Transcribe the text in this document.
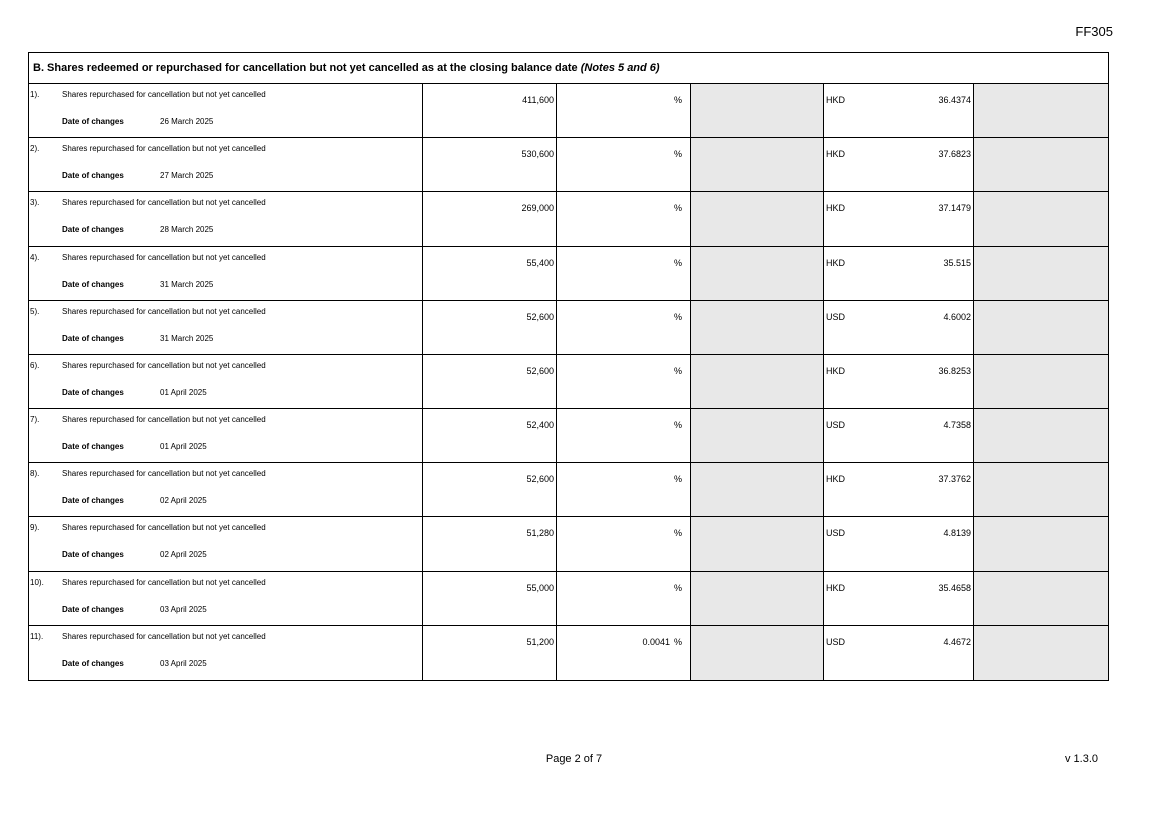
FF305
B. Shares redeemed or repurchased for cancellation but not yet cancelled as at the closing balance date (Notes 5 and 6)
1).	Shares repurchased for cancellation but not yet cancelled
Date of changes	26 March 2025
411,600	%	HKD	36.4374
2).	Shares repurchased for cancellation but not yet cancelled
Date of changes	27 March 2025
530,600	%	HKD	37.6823
3).	Shares repurchased for cancellation but not yet cancelled
Date of changes	28 March 2025
269,000	%	HKD	37.1479
4).	Shares repurchased for cancellation but not yet cancelled
Date of changes	31 March 2025
55,400	%	HKD	35.515
5).	Shares repurchased for cancellation but not yet cancelled
Date of changes	31 March 2025
52,600	%	USD	4.6002
6).	Shares repurchased for cancellation but not yet cancelled
Date of changes	01 April 2025
52,600	%	HKD	36.8253
7).	Shares repurchased for cancellation but not yet cancelled
Date of changes	01 April 2025
52,400	%	USD	4.7358
8).	Shares repurchased for cancellation but not yet cancelled
Date of changes	02 April 2025
52,600	%	HKD	37.3762
9).	Shares repurchased for cancellation but not yet cancelled
Date of changes	02 April 2025
51,280	%	USD	4.8139
10). Shares repurchased for cancellation but not yet cancelled
Date of changes	03 April 2025
55,000	%	HKD	35.4658
11). Shares repurchased for cancellation but not yet cancelled
Date of changes	03 April 2025
51,200	0.0041 %	USD	4.4672
Page 2 of 7	v 1.3.0
